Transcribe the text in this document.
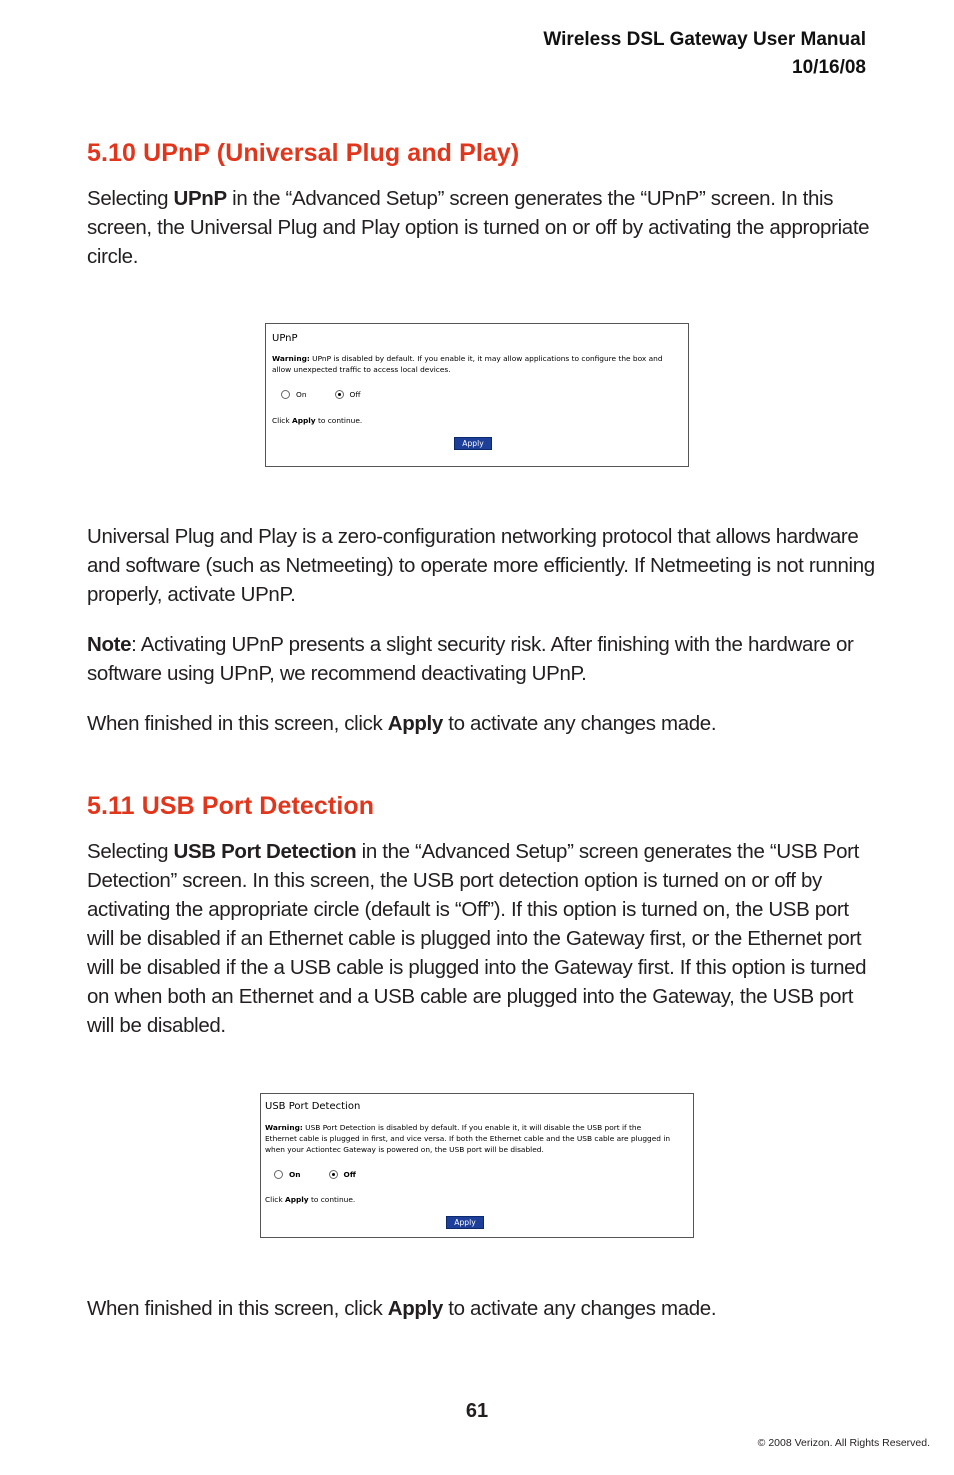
Wireless DSL Gateway User Manual
10/16/08
5.10 UPnP (Universal Plug and Play)

Selecting UPnP in the “Advanced Setup” screen generates the “UPnP” screen. In this screen, the Universal Plug and Play option is turned on or off by activating the appropriate circle.

UPnP
Warning: UPnP is disabled by default. If you enable it, it may allow applications to configure the box and allow unexpected traffic to access local devices.
On	Off
Click Apply to continue.
Apply

Universal Plug and Play is a zero-configuration networking protocol that allows hardware and software (such as Netmeeting) to operate more efficiently. If Netmeeting is not running properly, activate UPnP.

Note: Activating UPnP presents a slight security risk. After finishing with the hardware or software using UPnP, we recommend deactivating UPnP.

When finished in this screen, click Apply to activate any changes made.

5.11 USB Port Detection

Selecting USB Port Detection in the “Advanced Setup” screen generates the “USB Port Detection” screen. In this screen, the USB port detection option is turned on or off by activating the appropriate circle (default is “Off”). If this option is turned on, the USB port will be disabled if an Ethernet cable is plugged into the Gateway first, or the Ethernet port will be disabled if the a USB cable is plugged into the Gateway first. If this option is turned on when both an Ethernet and a USB cable are plugged into the Gateway, the USB port will be disabled.

USB Port Detection
Warning: USB Port Detection is disabled by default. If you enable it, it will disable the USB port if the Ethernet cable is plugged in first, and vice versa. If both the Ethernet cable and the USB cable are plugged in when your Actiontec Gateway is powered on, the USB port will be disabled.
On	Off
Click Apply to continue.
Apply

When finished in this screen, click Apply to activate any changes made.

61
© 2008 Verizon. All Rights Reserved.
